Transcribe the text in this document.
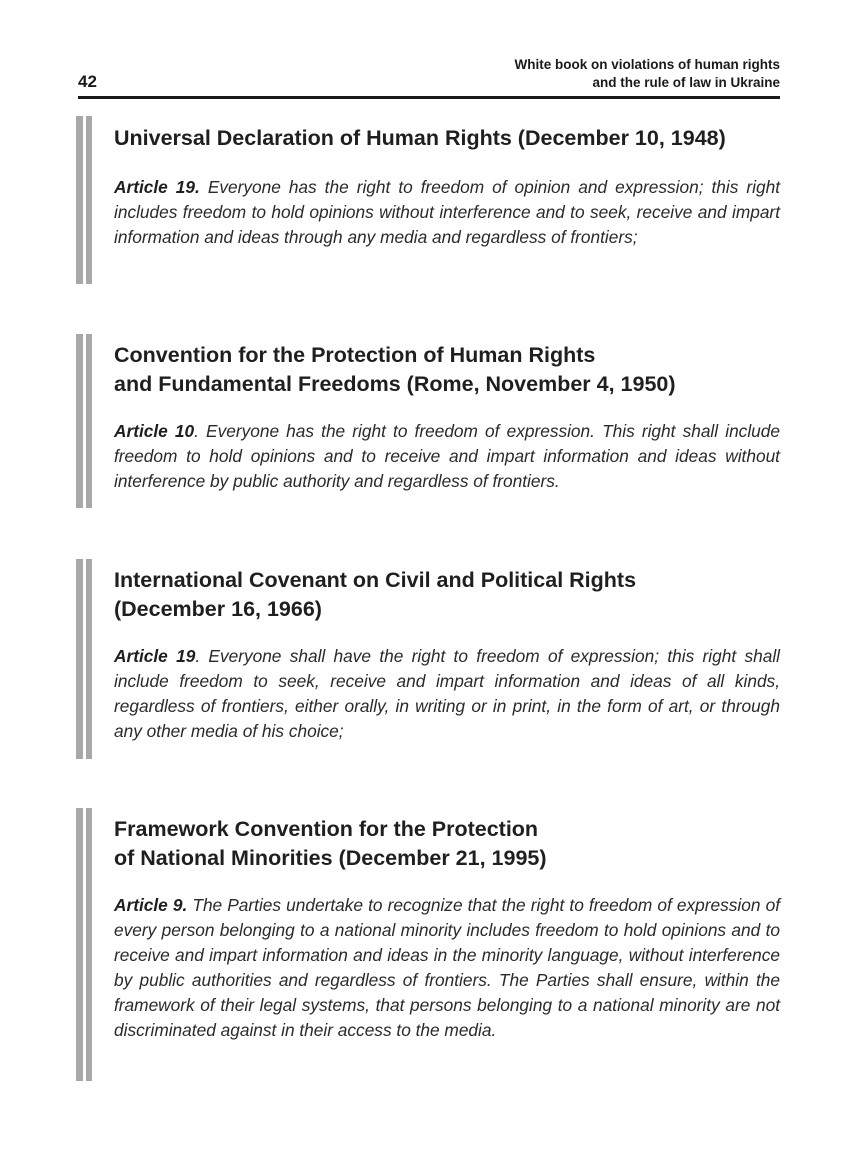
42
White book on violations of human rights
and the rule of law in Ukraine
Universal Declaration of Human Rights (December 10, 1948)

Article 19. Everyone has the right to freedom of opinion and expression; this right includes freedom to hold opinions without interference and to seek, receive and impart information and ideas through any media and regardless of frontiers;

Convention for the Protection of Human Rights
and Fundamental Freedoms (Rome, November 4, 1950)

Article 10. Everyone has the right to freedom of expression. This right shall include freedom to hold opinions and to receive and impart information and ideas without interference by public authority and regardless of frontiers.

International Covenant on Civil and Political Rights
(December 16, 1966)

Article 19. Everyone shall have the right to freedom of expression; this right shall include freedom to seek, receive and impart information and ideas of all kinds, regardless of frontiers, either orally, in writing or in print, in the form of art, or through any other media of his choice;

Framework Convention for the Protection
of National Minorities (December 21, 1995)

Article 9. The Parties undertake to recognize that the right to freedom of expression of every person belonging to a national minority includes freedom to hold opinions and to receive and impart information and ideas in the minority language, without interference by public authorities and regardless of frontiers. The Parties shall ensure, within the framework of their legal systems, that persons belonging to a national minority are not discriminated against in their access to the media.
